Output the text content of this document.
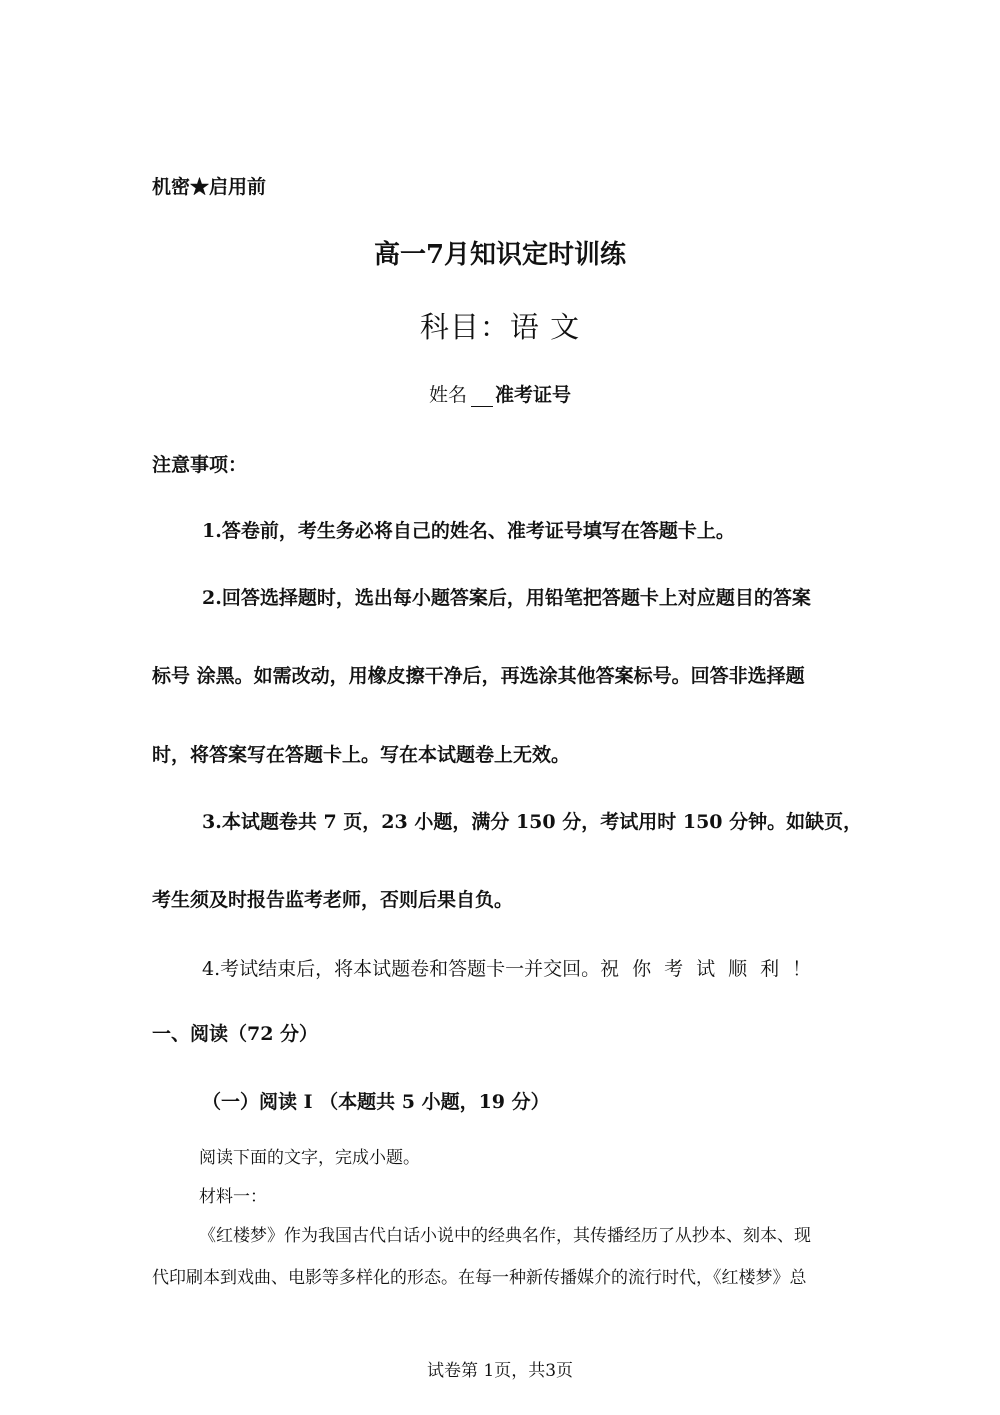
机密★启用前
高一7月知识定时训练
科目：语 文
姓名 准考证号
注意事项：
1.答卷前，考生务必将自己的姓名、准考证号填写在答题卡上。
2.回答选择题时，选出每小题答案后，用铅笔把答题卡上对应题目的答案
标号 涂黑。如需改动，用橡皮擦干净后，再选涂其他答案标号。回答非选择题
时，将答案写在答题卡上。写在本试题卷上无效。
3.本试题卷共 7 页，23 小题，满分 150 分，考试用时 150 分钟。如缺页，
考生须及时报告监考老师，否则后果自负。
4.考试结束后，将本试题卷和答题卡一并交回。祝你考试顺利！
一、阅读（72 分）
（一）阅读 I （本题共 5 小题，19 分）
阅读下面的文字，完成小题。
材料一：
《红楼梦》作为我国古代白话小说中的经典名作，其传播经历了从抄本、刻本、现
代印刷本到戏曲、电影等多样化的形态。在每一种新传播媒介的流行时代，《红楼梦》总
试卷第 1页，共3页
